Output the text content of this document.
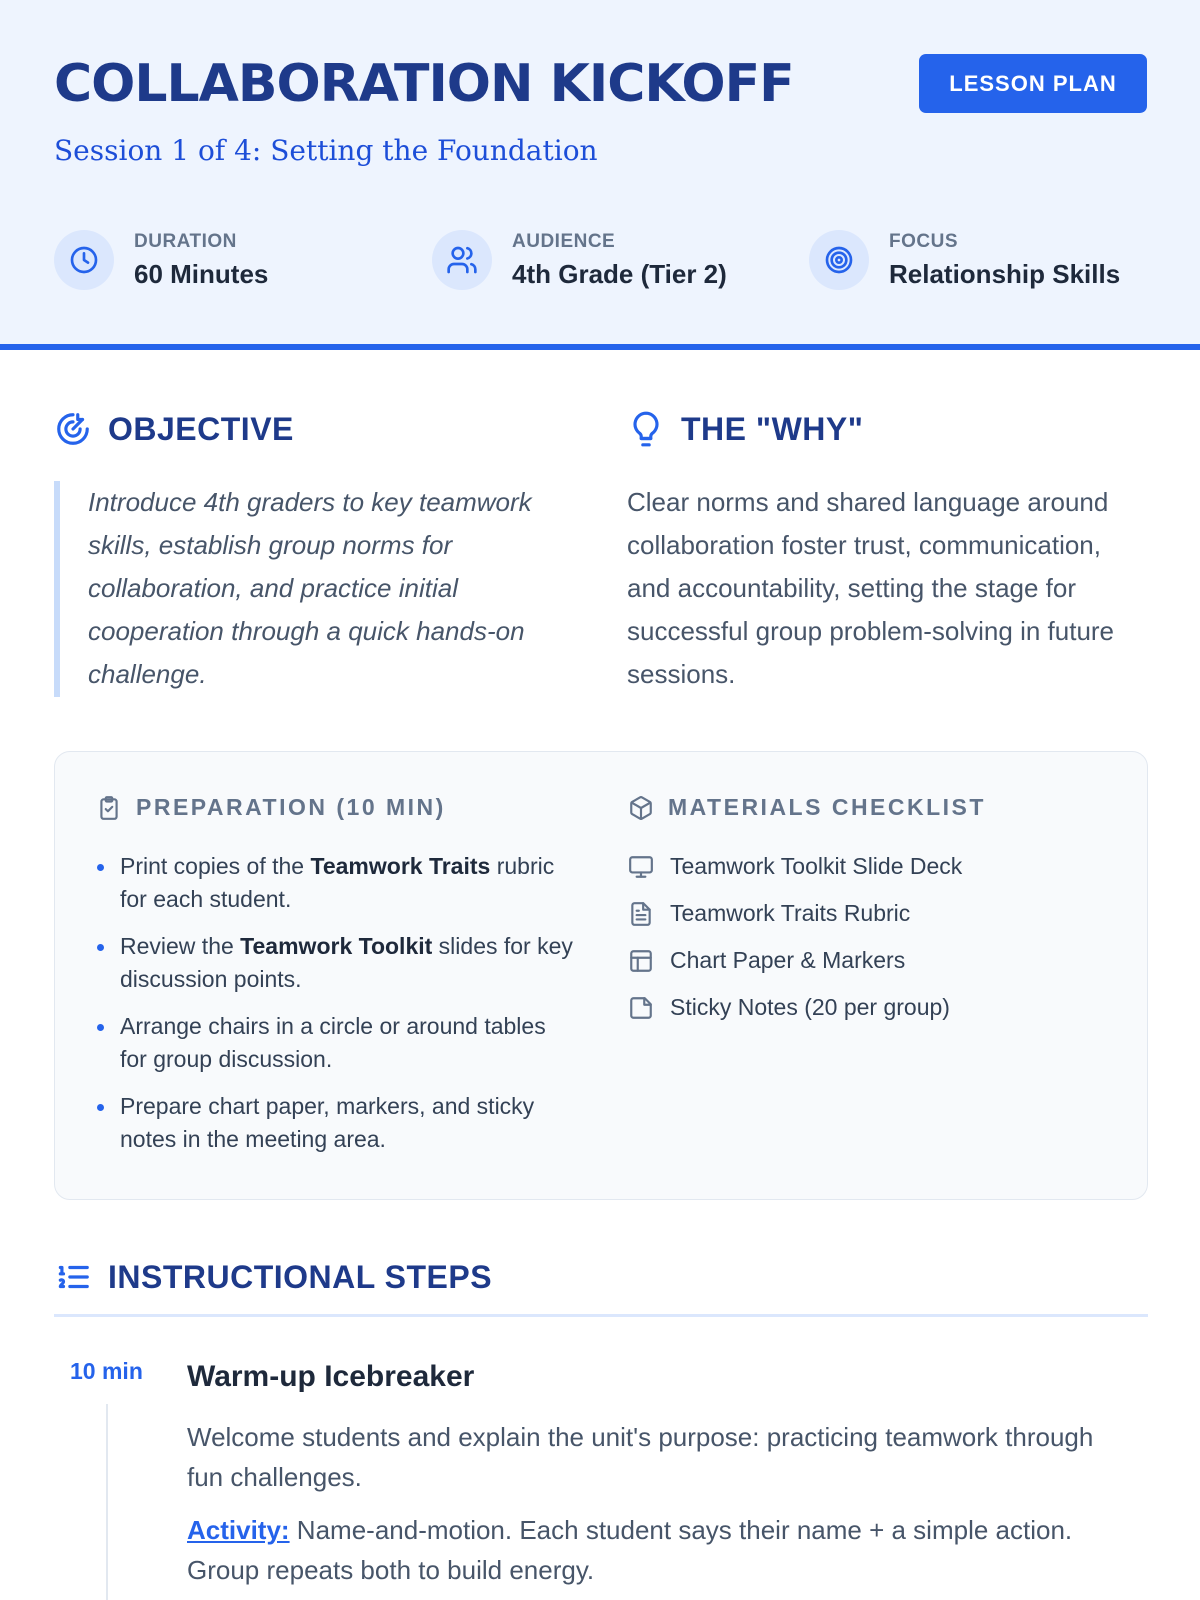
COLLABORATION KICKOFF	LESSON PLAN
Session 1 of 4: Setting the Foundation
DURATION
60 Minutes
AUDIENCE
4th Grade (Tier 2)
FOCUS
Relationship Skills
OBJECTIVE
Introduce 4th graders to key teamwork skills, establish group norms for collaboration, and practice initial cooperation through a quick hands-on challenge.
THE "WHY"
Clear norms and shared language around collaboration foster trust, communication, and accountability, setting the stage for successful group problem-solving in future sessions.
PREPARATION (10 MIN)
Print copies of the Teamwork Traits rubric for each student.
Review the Teamwork Toolkit slides for key discussion points.
Arrange chairs in a circle or around tables for group discussion.
Prepare chart paper, markers, and sticky notes in the meeting area.
MATERIALS CHECKLIST
Teamwork Toolkit Slide Deck
Teamwork Traits Rubric
Chart Paper & Markers
Sticky Notes (20 per group)
INSTRUCTIONAL STEPS
10 min Warm-up Icebreaker
Welcome students and explain the unit's purpose: practicing teamwork through fun challenges.
Activity: Name-and-motion. Each student says their name + a simple action. Group repeats both to build energy.
